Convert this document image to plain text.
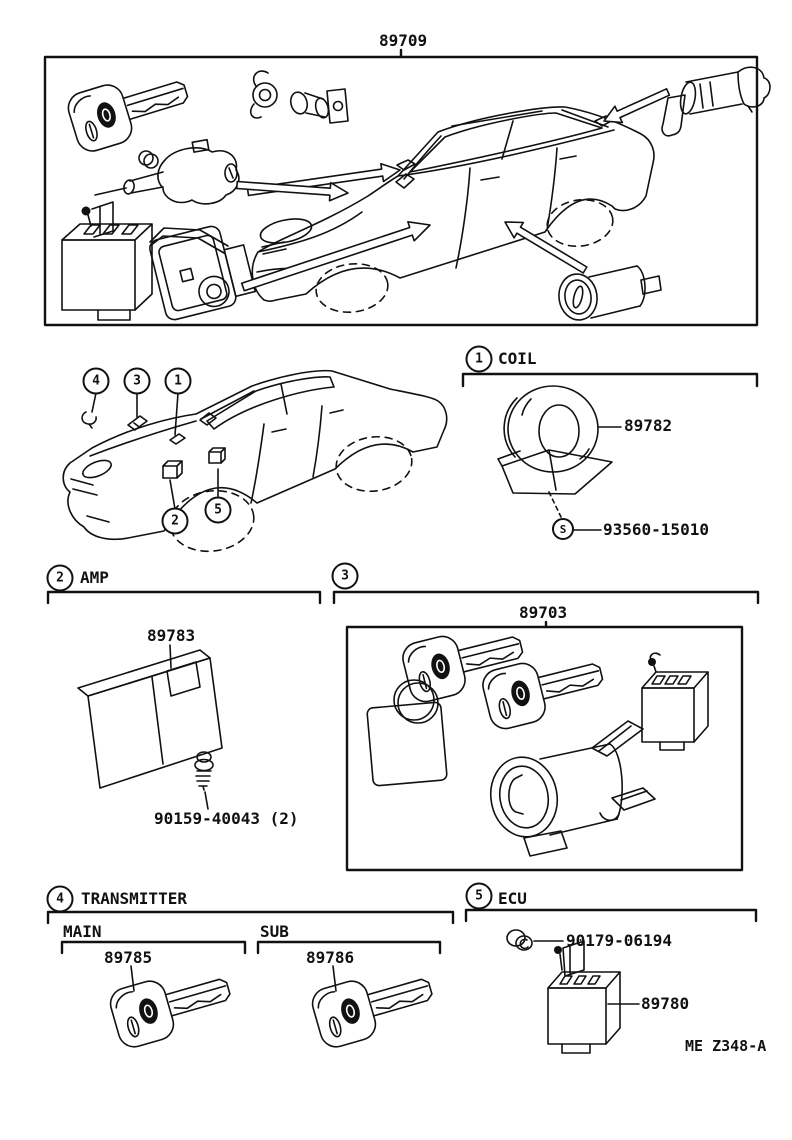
89709
COIL
89782
93560-15010
AMP
89783
90159-40043 (2)
89703
TRANSMITTER
MAIN	SUB
89785	89786
ECU
90179-06194
89780
ME Z348-A
1
2	3
4	5
4	3	1
2
5
S
